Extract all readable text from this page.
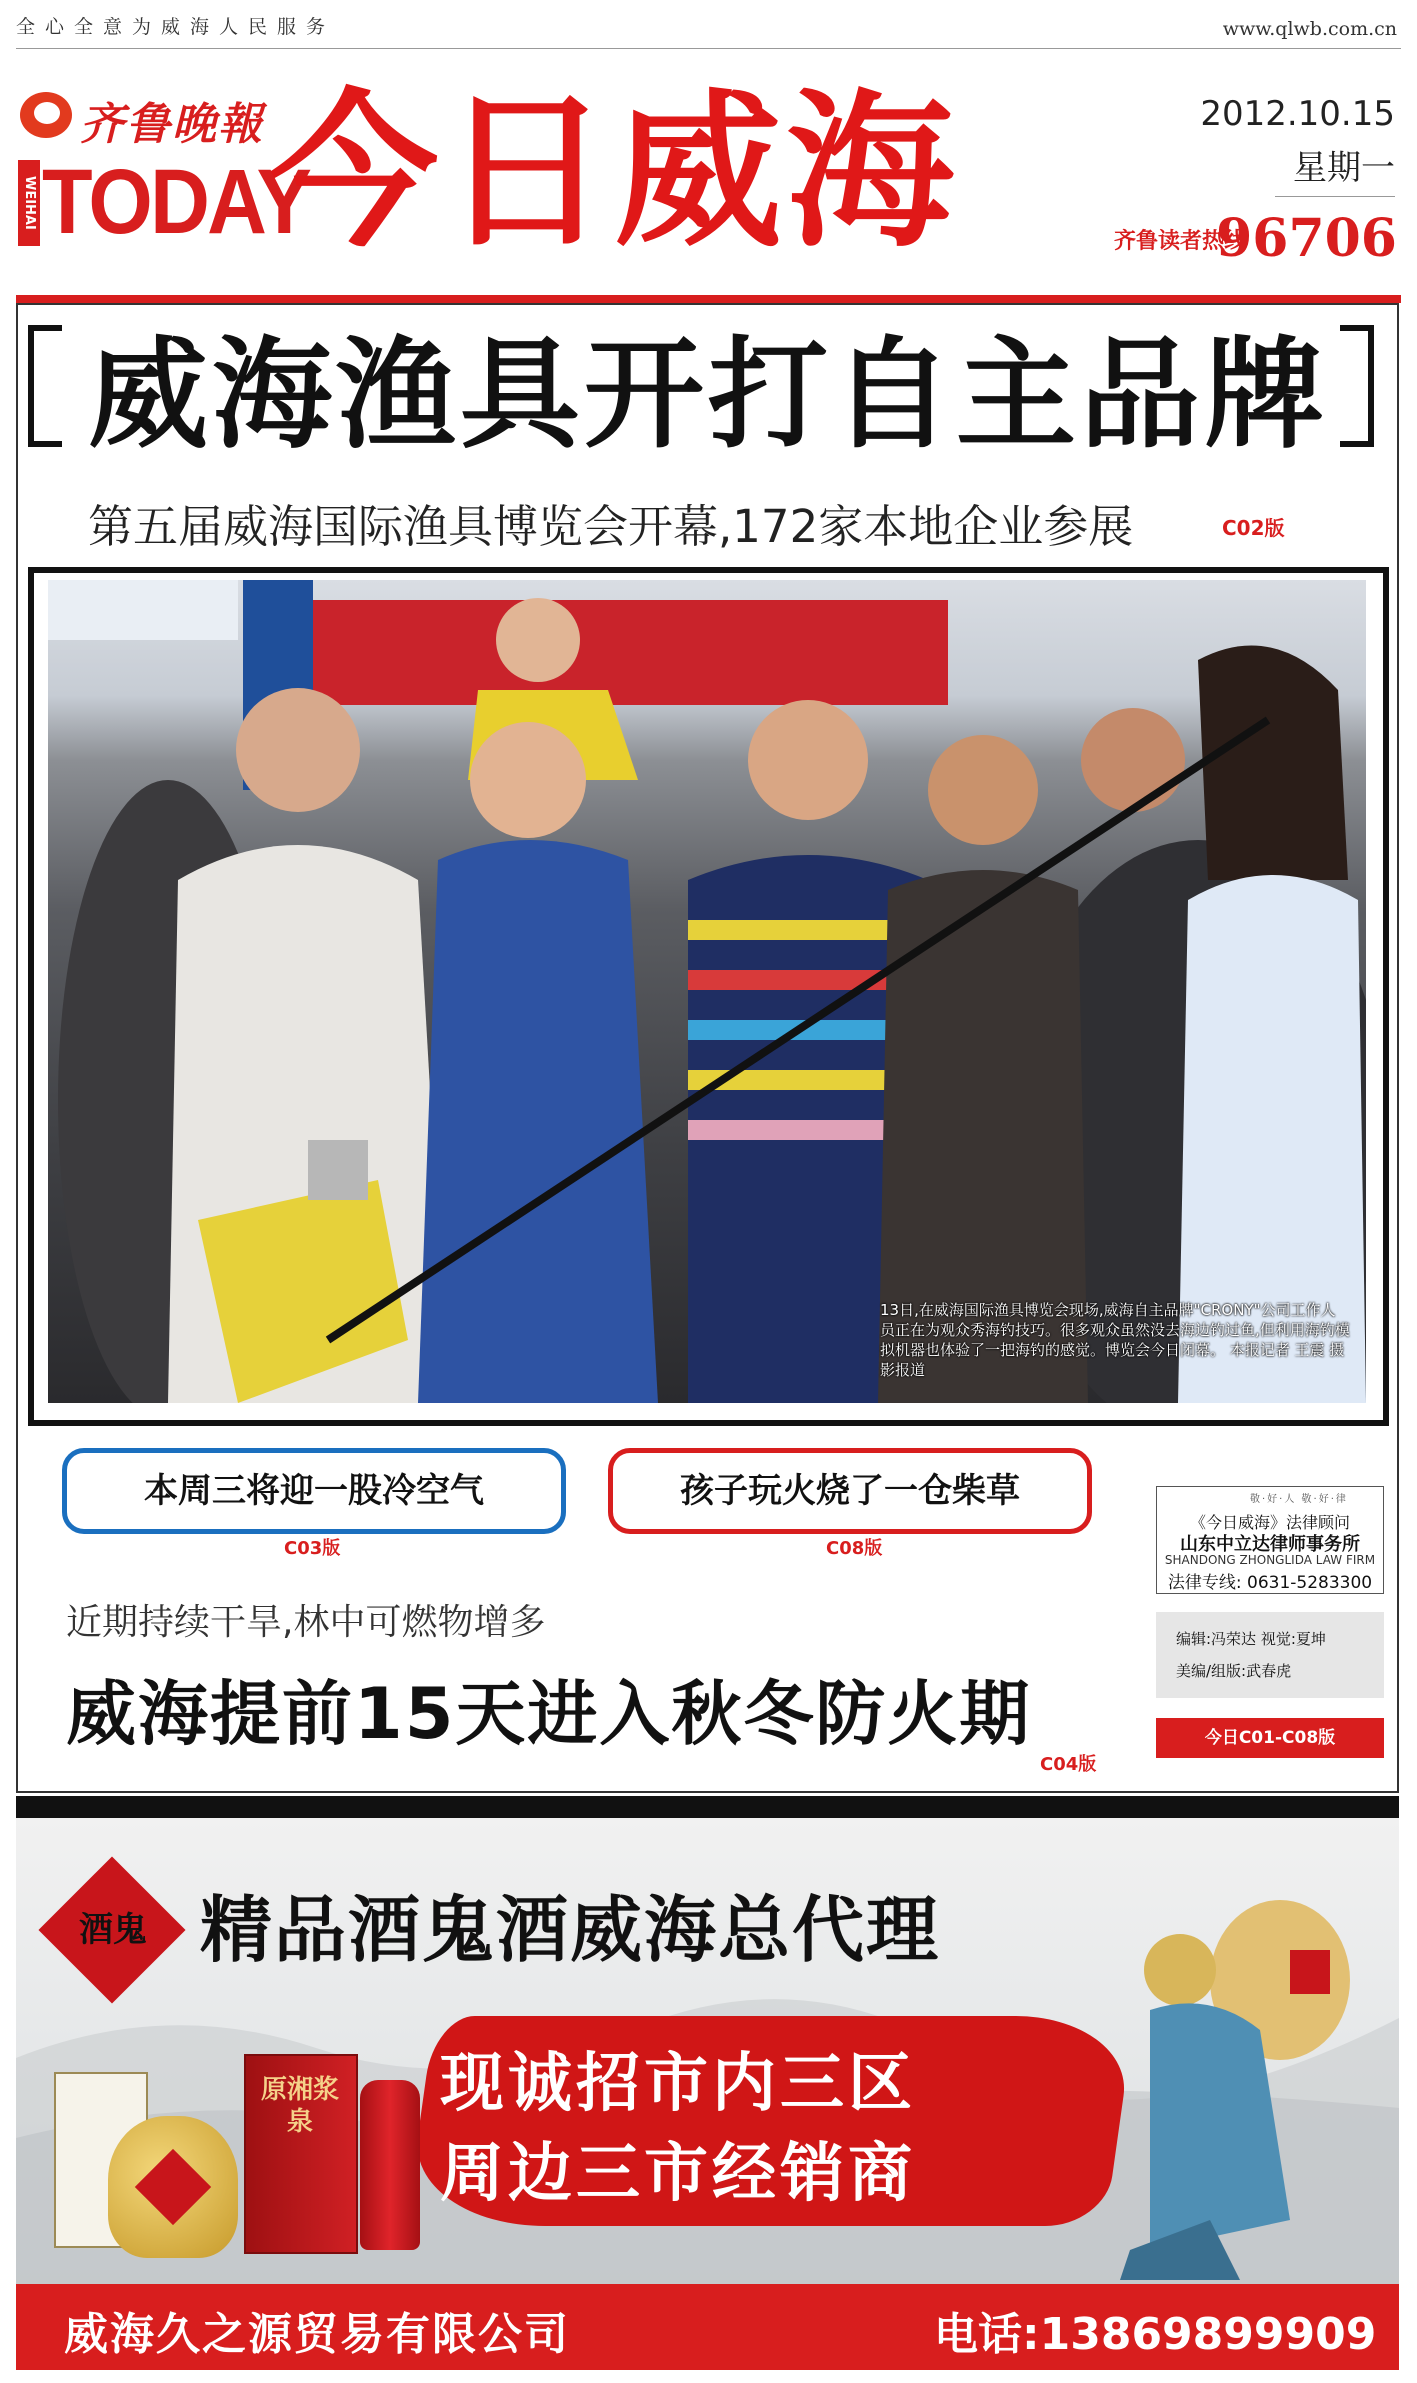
全心全意为威海人民服务	www.qlwb.com.cn
齐鲁晚報
WEIHAI TODAY
今日威海	2012.10.15
星期一
齐鲁读者热线
96706
威海渔具开打自主品牌
第五届威海国际渔具博览会开幕,172家本地企业参展	C02版
13日,在威海国际渔具博览会现场,威海自主品牌"CRONY"公司工作人员正在为观众秀海钓技巧。很多观众虽然没去海边钓过鱼,但利用海钓模拟机器也体验了一把海钓的感觉。博览会今日闭幕。 本报记者 王震 摄影报道
本周三将迎一股冷空气	孩子玩火烧了一仓柴草
C03版	C08版
近期持续干旱,林中可燃物增多
威海提前15天进入秋冬防火期
C04版
敬·好·人 敬·好·律
《今日威海》法律顾问
山东中立达律师事务所
SHANDONG ZHONGLIDA LAW FIRM
法律专线: 0631-5283300
编辑:冯荣达 视觉:夏坤
美编/组版:武春虎
今日C01-C08版
酒鬼 精品酒鬼酒威海总代理
现诚招市内三区
周边三市经销商
原湘浆泉
威海久之源贸易有限公司	电话:13869899909
